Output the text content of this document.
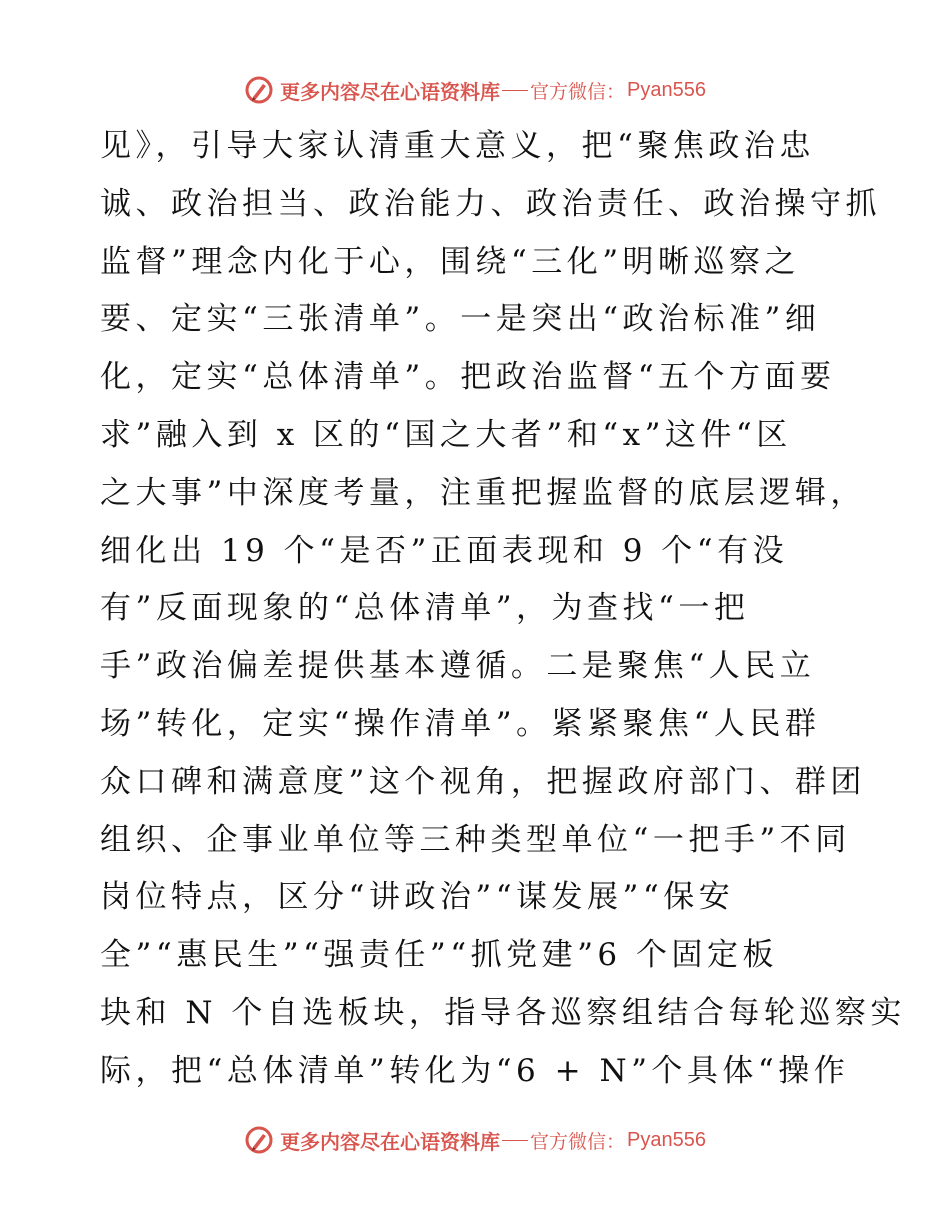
更多内容尽在心语资料库 官方微信： Pyan556
见》，引导大家认清重大意义，把“聚焦政治忠
诚、政治担当、政治能力、政治责任、政治操守抓
监督”理念内化于心，围绕“三化”明晰巡察之
要、定实“三张清单”。一是突出“政治标准”细
化，定实“总体清单”。把政治监督“五个方面要
求”融入到 x 区的“国之大者”和“x”这件“区
之大事”中深度考量，注重把握监督的底层逻辑，
细化出 19 个“是否”正面表现和 9 个“有没
有”反面现象的“总体清单”，为查找“一把
手”政治偏差提供基本遵循。二是聚焦“人民立
场”转化，定实“操作清单”。紧紧聚焦“人民群
众口碑和满意度”这个视角，把握政府部门、群团
组织、企事业单位等三种类型单位“一把手”不同
岗位特点，区分“讲政治”“谋发展”“保安
全”“惠民生”“强责任”“抓党建”6 个固定板
块和 N 个自选板块，指导各巡察组结合每轮巡察实
际，把“总体清单”转化为“6 + N”个具体“操作
更多内容尽在心语资料库 官方微信： Pyan556
